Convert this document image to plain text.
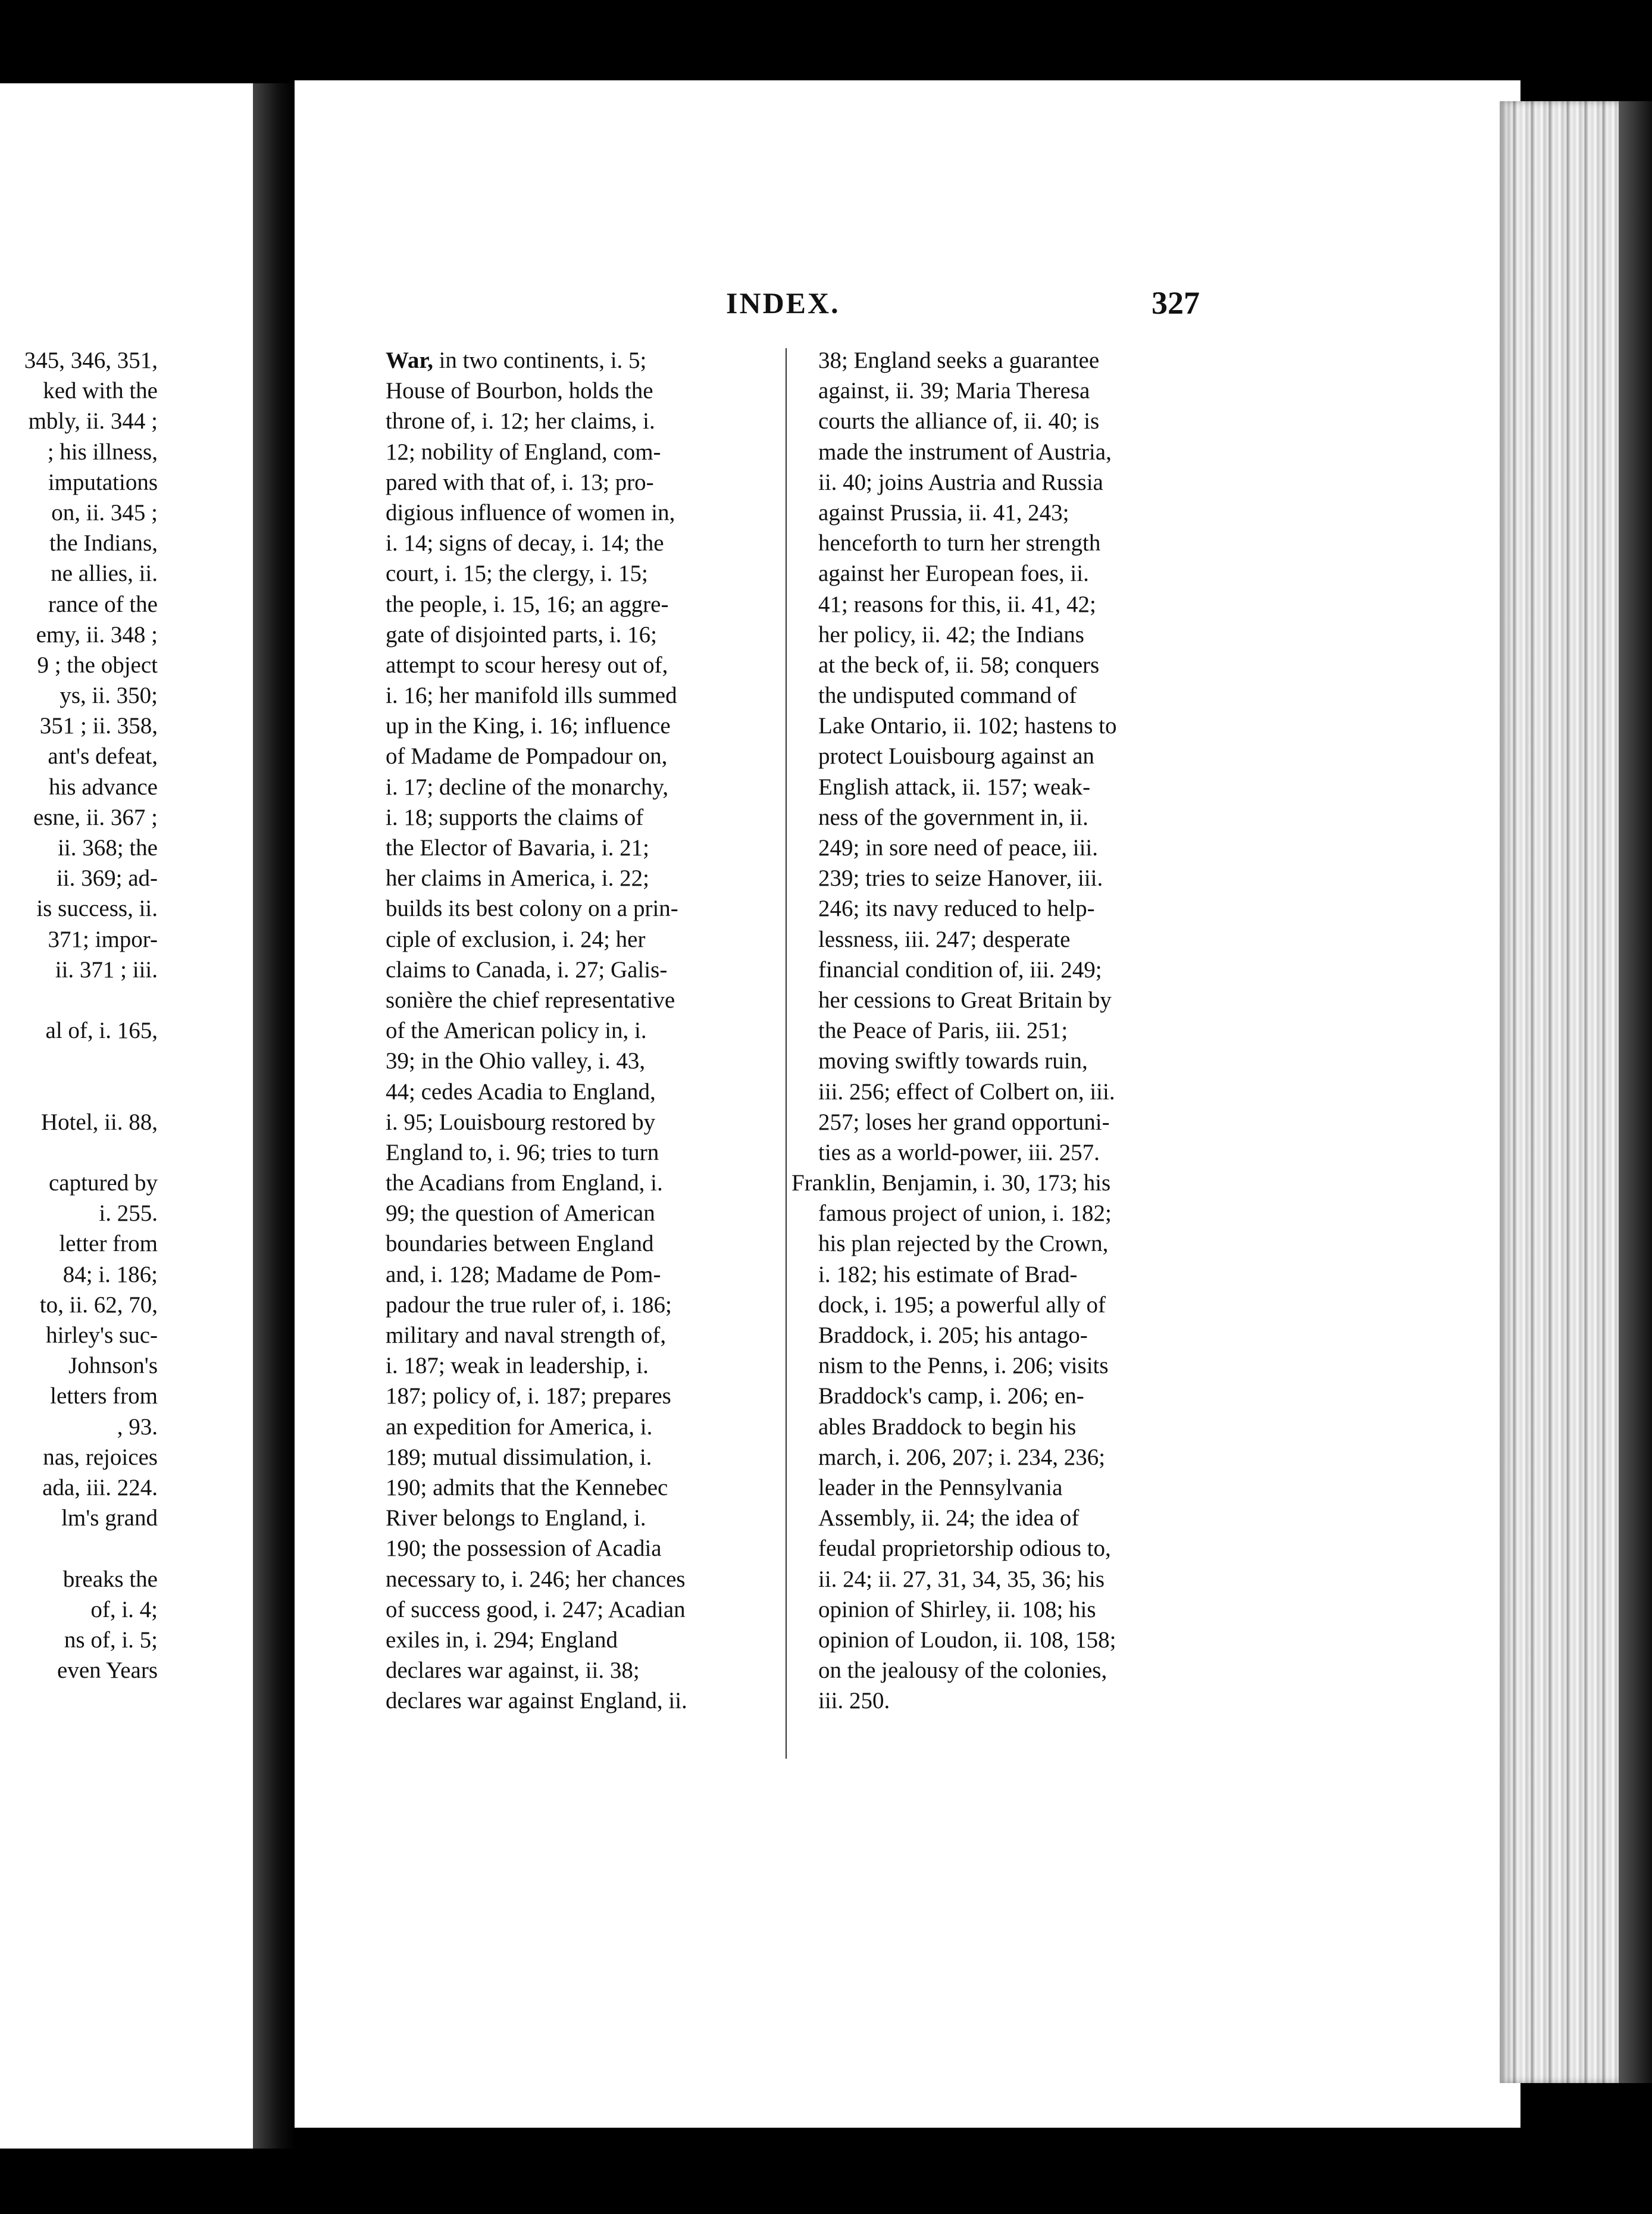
345, 346, 351,
ked with the
mbly, ii. 344 ;
; his illness,
imputations
on, ii. 345 ;
the Indians,
ne allies, ii.
rance of the
emy, ii. 348 ;
9 ; the object
ys, ii. 350;
351 ; ii. 358,
ant's defeat,
his advance
esne, ii. 367 ;
ii. 368; the
ii. 369; ad-
is success, ii.
371; impor-
ii. 371 ; iii.
al of, i. 165,
Hotel, ii. 88,
captured by
i. 255.
letter from
84; i. 186;
to, ii. 62, 70,
hirley's suc-
Johnson's
letters from
, 93.
nas, rejoices
ada, iii. 224.
lm's grand
breaks the
of, i. 4;
ns of, i. 5;
even Years
INDEX.	327
War, in two continents, i. 5;
House of Bourbon, holds the
throne of, i. 12; her claims, i.
12; nobility of England, com-
pared with that of, i. 13; pro-
digious influence of women in,
i. 14; signs of decay, i. 14; the
court, i. 15; the clergy, i. 15;
the people, i. 15, 16; an aggre-
gate of disjointed parts, i. 16;
attempt to scour heresy out of,
i. 16; her manifold ills summed
up in the King, i. 16; influence
of Madame de Pompadour on,
i. 17; decline of the monarchy,
i. 18; supports the claims of
the Elector of Bavaria, i. 21;
her claims in America, i. 22;
builds its best colony on a prin-
ciple of exclusion, i. 24; her
claims to Canada, i. 27; Galis-
sonière the chief representative
of the American policy in, i.
39; in the Ohio valley, i. 43,
44; cedes Acadia to England,
i. 95; Louisbourg restored by
England to, i. 96; tries to turn
the Acadians from England, i.
99; the question of American
boundaries between England
and, i. 128; Madame de Pom-
padour the true ruler of, i. 186;
military and naval strength of,
i. 187; weak in leadership, i.
187; policy of, i. 187; prepares
an expedition for America, i.
189; mutual dissimulation, i.
190; admits that the Kennebec
River belongs to England, i.
190; the possession of Acadia
necessary to, i. 246; her chances
of success good, i. 247; Acadian
exiles in, i. 294; England
declares war against, ii. 38;
declares war against England, ii.
38; England seeks a guarantee
against, ii. 39; Maria Theresa
courts the alliance of, ii. 40; is
made the instrument of Austria,
ii. 40; joins Austria and Russia
against Prussia, ii. 41, 243;
henceforth to turn her strength
against her European foes, ii.
41; reasons for this, ii. 41, 42;
her policy, ii. 42; the Indians
at the beck of, ii. 58; conquers
the undisputed command of
Lake Ontario, ii. 102; hastens to
protect Louisbourg against an
English attack, ii. 157; weak-
ness of the government in, ii.
249; in sore need of peace, iii.
239; tries to seize Hanover, iii.
246; its navy reduced to help-
lessness, iii. 247; desperate
financial condition of, iii. 249;
her cessions to Great Britain by
the Peace of Paris, iii. 251;
moving swiftly towards ruin,
iii. 256; effect of Colbert on, iii.
257; loses her grand opportuni-
ties as a world-power, iii. 257.
Franklin, Benjamin, i. 30, 173; his
famous project of union, i. 182;
his plan rejected by the Crown,
i. 182; his estimate of Brad-
dock, i. 195; a powerful ally of
Braddock, i. 205; his antago-
nism to the Penns, i. 206; visits
Braddock's camp, i. 206; en-
ables Braddock to begin his
march, i. 206, 207; i. 234, 236;
leader in the Pennsylvania
Assembly, ii. 24; the idea of
feudal proprietorship odious to,
ii. 24; ii. 27, 31, 34, 35, 36; his
opinion of Shirley, ii. 108; his
opinion of Loudon, ii. 108, 158;
on the jealousy of the colonies,
iii. 250.
